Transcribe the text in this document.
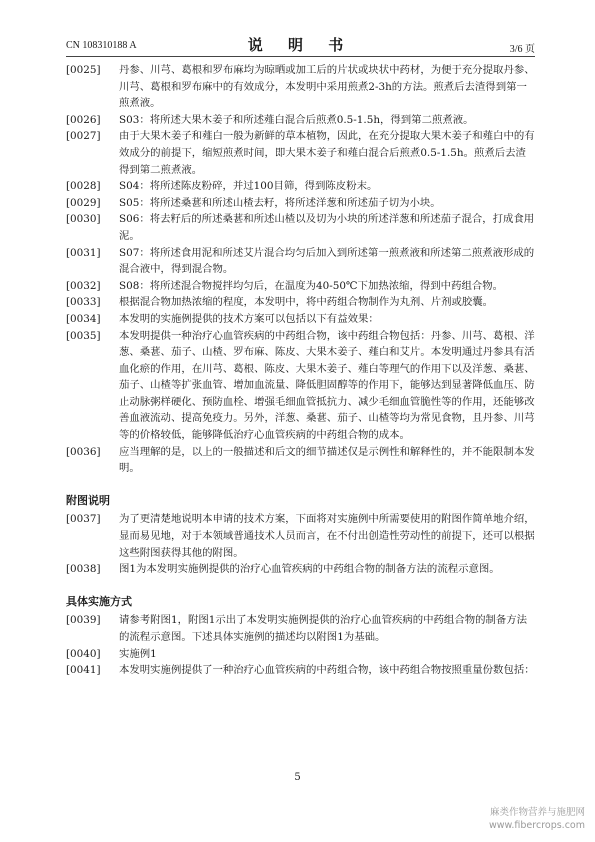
CN 108310188 A	说 明 书	3/6 页

[0025] 丹参、川芎、葛根和罗布麻均为晾晒或加工后的片状或块状中药材，为便于充分提取丹参、川芎、葛根和罗布麻中的有效成分，本发明中采用煎煮2-3h的方法。煎煮后去渣得到第一煎煮液。

[0026] S03：将所述大果木姜子和所述薤白混合后煎煮0.5-1.5h，得到第二煎煮液。

[0027] 由于大果木姜子和薤白一般为新鲜的草本植物，因此，在充分提取大果木姜子和薤白中的有效成分的前提下，缩短煎煮时间，即大果木姜子和薤白混合后煎煮0.5-1.5h。煎煮后去渣得到第二煎煮液。

[0028] S04：将所述陈皮粉碎，并过100目筛，得到陈皮粉末。

[0029] S05：将所述桑葚和所述山楂去籽，将所述洋葱和所述茄子切为小块。

[0030] S06：将去籽后的所述桑葚和所述山楂以及切为小块的所述洋葱和所述茄子混合，打成食用泥。

[0031] S07：将所述食用泥和所述艾片混合均匀后加入到所述第一煎煮液和所述第二煎煮液形成的混合液中，得到混合物。

[0032] S08：将所述混合物搅拌均匀后，在温度为40-50℃下加热浓缩，得到中药组合物。

[0033] 根据混合物加热浓缩的程度，本发明中，将中药组合物制作为丸剂、片剂或胶囊。

[0034] 本发明的实施例提供的技术方案可以包括以下有益效果：

[0035] 本发明提供一种治疗心血管疾病的中药组合物，该中药组合物包括：丹参、川芎、葛根、洋葱、桑葚、茄子、山楂、罗布麻、陈皮、大果木姜子、薤白和艾片。本发明通过丹参具有活血化瘀的作用，在川芎、葛根、陈皮、大果木姜子、薤白等理气的作用下以及洋葱、桑葚、茄子、山楂等扩张血管、增加血流量、降低胆固醇等的作用下，能够达到显著降低血压、防止动脉粥样硬化、预防血栓、增强毛细血管抵抗力、减少毛细血管脆性等的作用，还能够改善血液流动、提高免疫力。另外，洋葱、桑葚、茄子、山楂等均为常见食物，且丹参、川芎等的价格较低，能够降低治疗心血管疾病的中药组合物的成本。

[0036] 应当理解的是，以上的一般描述和后文的细节描述仅是示例性和解释性的，并不能限制本发明。

附图说明

[0037] 为了更清楚地说明本申请的技术方案，下面将对实施例中所需要使用的附图作简单地介绍，显而易见地，对于本领域普通技术人员而言，在不付出创造性劳动性的前提下，还可以根据这些附图获得其他的附图。

[0038] 图1为本发明实施例提供的治疗心血管疾病的中药组合物的制备方法的流程示意图。

具体实施方式

[0039] 请参考附图1，附图1示出了本发明实施例提供的治疗心血管疾病的中药组合物的制备方法的流程示意图。下述具体实施例的描述均以附图1为基础。

[0040] 实施例1

[0041] 本发明实施例提供了一种治疗心血管疾病的中药组合物，该中药组合物按照重量份数包括：

5
麻类作物营养与施肥网
www.fibercrops.com
